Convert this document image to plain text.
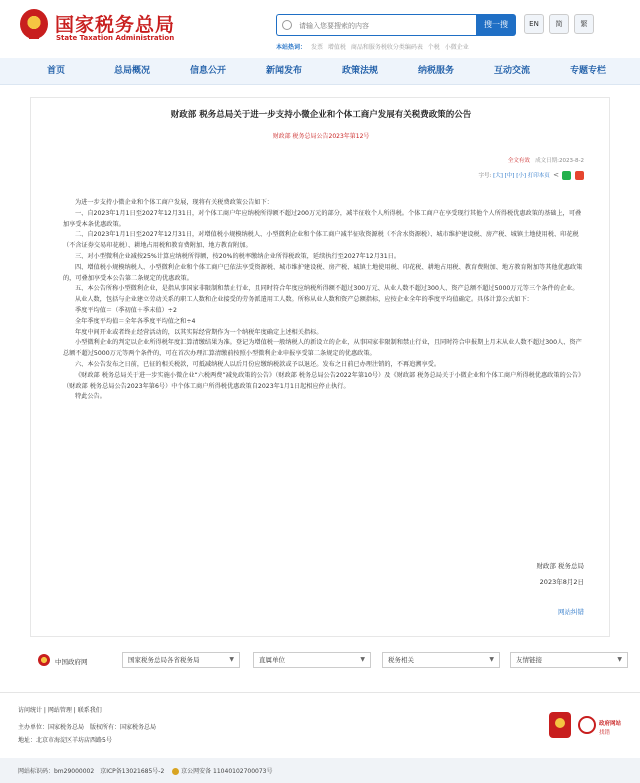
国家税务总局
State Taxation Administration
请输入您要搜索的内容
搜一搜	EN	简	繁
本站热词： 发票 增值税 商品和服务税收分类编码表 个税 小微企业
首页	总局概况	信息公开	新闻发布	政策法规	纳税服务	互动交流	专题专栏
财政部 税务总局关于进一步支持小微企业和个体工商户发展有关税费政策的公告
财政部 税务总局公告2023年第12号
全文有效 成文日期:2023-8-2
字号: [大] [中] [小] 打印本页 <

为进一步支持小微企业和个体工商户发展，现将有关税费政策公告如下：

一、自2023年1月1日至2027年12月31日，对个体工商户年应纳税所得额不超过200万元的部分，减半征收个人所得税。个体工商户在享受现行其他个人所得税优惠政策的基础上，可叠加享受本条优惠政策。

二、自2023年1月1日至2027年12月31日，对增值税小规模纳税人、小型微利企业和个体工商户减半征收资源税（不含水资源税）、城市维护建设税、房产税、城镇土地使用税、印花税（不含证券交易印花税）、耕地占用税和教育费附加、地方教育附加。

三、对小型微利企业减按25%计算应纳税所得额，按20%的税率缴纳企业所得税政策，延续执行至2027年12月31日。

四、增值税小规模纳税人、小型微利企业和个体工商户已依法享受资源税、城市维护建设税、房产税、城镇土地使用税、印花税、耕地占用税、教育费附加、地方教育附加等其他优惠政策的，可叠加享受本公告第二条规定的优惠政策。

五、本公告所称小型微利企业，是指从事国家非限制和禁止行业，且同时符合年度应纳税所得额不超过300万元、从业人数不超过300人、资产总额不超过5000万元等三个条件的企业。

从业人数，包括与企业建立劳动关系的职工人数和企业接受的劳务派遣用工人数。所称从业人数和资产总额指标，应按企业全年的季度平均值确定。具体计算公式如下：

季度平均值＝（季初值＋季末值）÷2

全年季度平均值＝全年各季度平均值之和÷4

年度中间开业或者终止经营活动的，以其实际经营期作为一个纳税年度确定上述相关指标。

小型微利企业的判定以企业所得税年度汇算清缴结果为准。登记为增值税一般纳税人的新设立的企业，从事国家非限制和禁止行业，且同时符合申报期上月末从业人数不超过300人、资产总额不超过5000万元等两个条件的，可在首次办理汇算清缴前按照小型微利企业申报享受第二条规定的优惠政策。

六、本公告发布之日前，已征的相关税款，可抵减纳税人以后月份应缴纳税款或予以退还。发布之日前已办理注销的，不再追溯享受。

《财政部 税务总局关于进一步实施小微企业“六税两费”减免政策的公告》（财政部 税务总局公告2022年第10号）及《财政部 税务总局关于小微企业和个体工商户所得税优惠政策的公告》（财政部 税务总局公告2023年第6号）中个体工商户所得税优惠政策自2023年1月1日起相应停止执行。

特此公告。

财政部 税务总局
2023年8月2日
网站纠错
中国政府网	国家税务总局各省税务局	▼	直属单位	▼	税务相关	▼	友情链接	▼
访问统计 | 网站管理 | 联系我们
主办单位：国家税务总局　版权所有：国家税务总局
地址：北京市海淀区羊坊店西路5号
政府网站
找错
网站标识码：bm29000002　京ICP备13021685号-2　  京公网安备 11040102700073号
